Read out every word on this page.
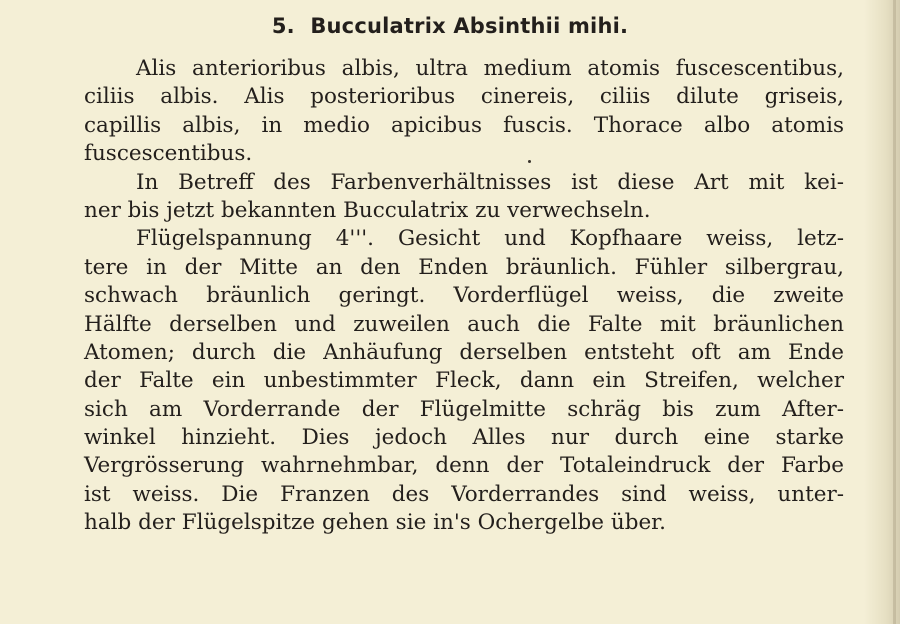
5. Bucculatrix Absinthii mihi.
Alis anterioribus albis, ultra medium atomis fuscescentibus,
ciliis albis. Alis posterioribus cinereis, ciliis dilute griseis,
capillis albis, in medio apicibus fuscis. Thorace albo atomis
fuscescentibus.
In Betreff des Farbenverhältnisses ist diese Art mit kei-
ner bis jetzt bekannten Bucculatrix zu verwechseln.
Flügelspannung 4'''. Gesicht und Kopfhaare weiss, letz-
tere in der Mitte an den Enden bräunlich. Fühler silbergrau,
schwach bräunlich geringt. Vorderflügel weiss, die zweite
Hälfte derselben und zuweilen auch die Falte mit bräunlichen
Atomen; durch die Anhäufung derselben entsteht oft am Ende
der Falte ein unbestimmter Fleck, dann ein Streifen, welcher
sich am Vorderrande der Flügelmitte schräg bis zum After-
winkel hinzieht. Dies jedoch Alles nur durch eine starke
Vergrösserung wahrnehmbar, denn der Totaleindruck der Farbe
ist weiss. Die Franzen des Vorderrandes sind weiss, unter-
halb der Flügelspitze gehen sie in's Ochergelbe über.
